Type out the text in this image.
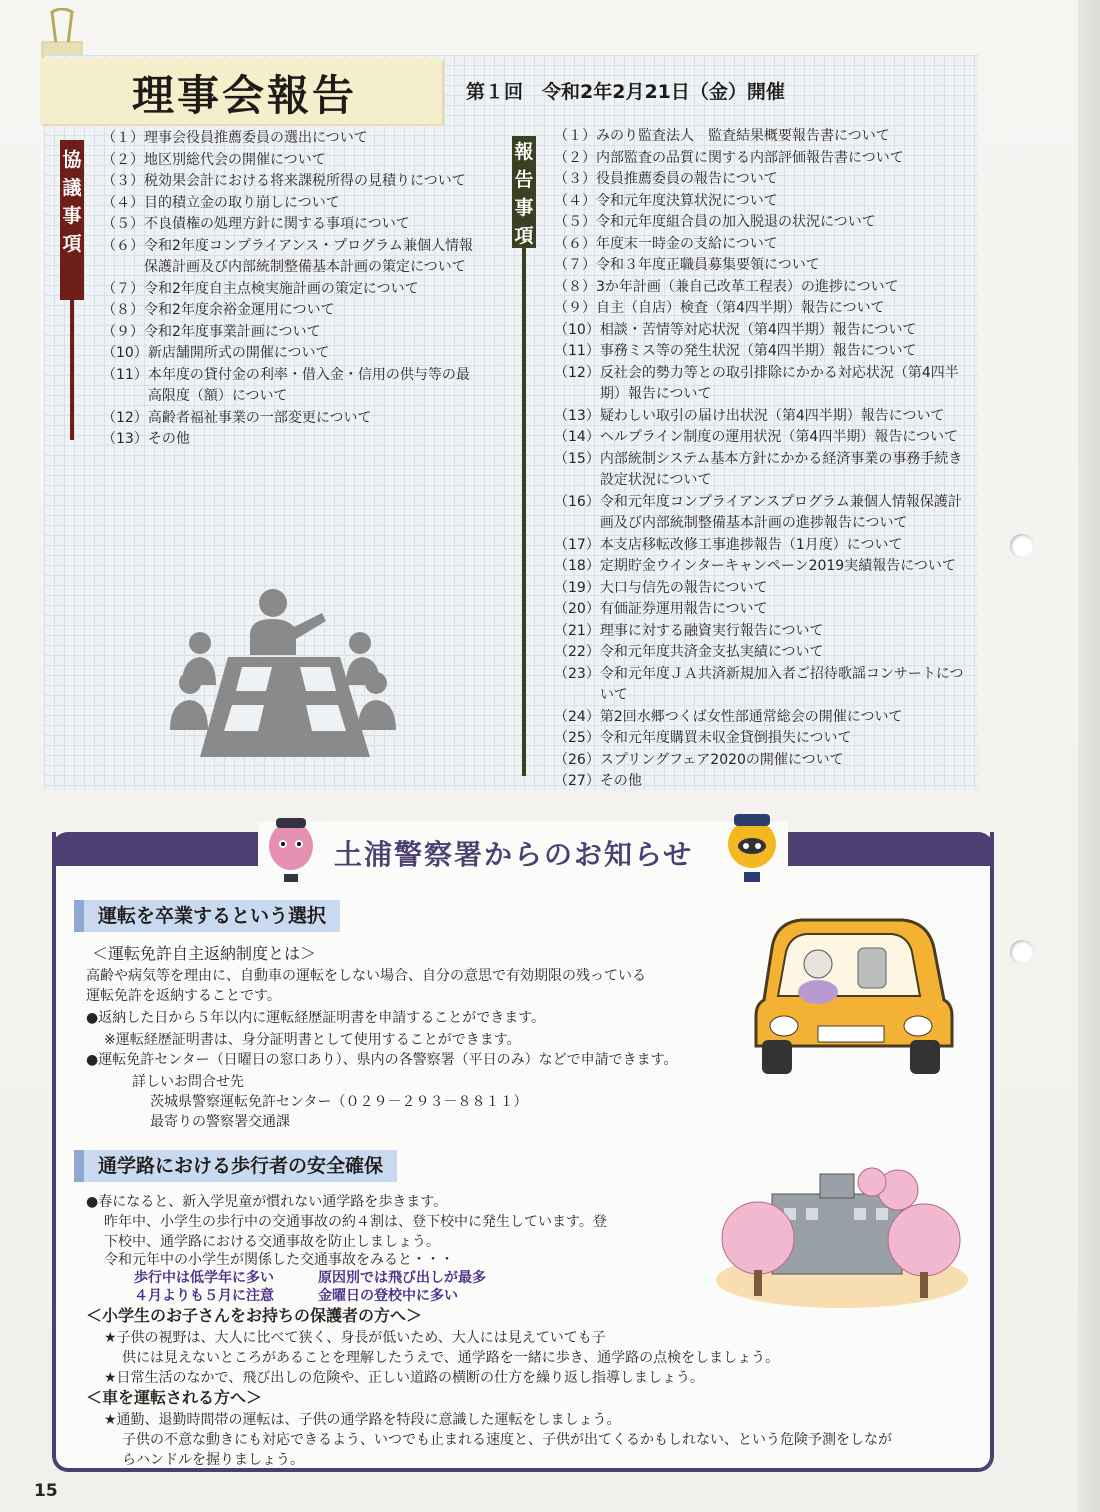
理事会報告	第１回　令和2年2月21日（金）開催
協
議
事
項
（１） 理事会役員推薦委員の選出について
（２） 地区別総代会の開催について
（３） 税効果会計における将来課税所得の見積りについて
（４） 目的積立金の取り崩しについて
（５） 不良債権の処理方針に関する事項について
（６） 令和2年度コンプライアンス・プログラム兼個人情報保護計画及び内部統制整備基本計画の策定について
（７） 令和2年度自主点検実施計画の策定について
（８） 令和2年度余裕金運用について
（９） 令和2年度事業計画について
（10） 新店舗開所式の開催について
（11） 本年度の貸付金の利率・借入金・信用の供与等の最高限度（額）について
（12） 高齢者福祉事業の一部変更について
（13） その他
報
告
事
項
（１） みのり監査法人　監査結果概要報告書について
（２） 内部監査の品質に関する内部評価報告書について
（３） 役員推薦委員の報告について
（４） 令和元年度決算状況について
（５） 令和元年度組合員の加入脱退の状況について
（６） 年度末一時金の支給について
（７） 令和３年度正職員募集要領について
（８） 3か年計画（兼自己改革工程表）の進捗について
（９） 自主（自店）検査（第4四半期）報告について
（10） 相談・苦情等対応状況（第4四半期）報告について
（11） 事務ミス等の発生状況（第4四半期）報告について
（12） 反社会的勢力等との取引排除にかかる対応状況（第4四半期）報告について
（13） 疑わしい取引の届け出状況（第4四半期）報告について
（14） ヘルプライン制度の運用状況（第4四半期）報告について
（15） 内部統制システム基本方針にかかる経済事業の事務手続き設定状況について
（16） 令和元年度コンプライアンスプログラム兼個人情報保護計画及び内部統制整備基本計画の進捗報告について
（17） 本支店移転改修工事進捗報告（1月度）について
（18） 定期貯金ウインターキャンペーン2019実績報告について
（19） 大口与信先の報告について
（20） 有価証券運用報告について
（21） 理事に対する融資実行報告について
（22） 令和元年度共済金支払実績について
（23） 令和元年度ＪＡ共済新規加入者ご招待歌謡コンサートについて
（24） 第2回水郷つくば女性部通常総会の開催について
（25） 令和元年度購買未収金貸倒損失について
（26） スプリングフェア2020の開催について
（27） その他
土浦警察署からのお知らせ
運転を卒業するという選択
＜運転免許自主返納制度とは＞
高齢や病気等を理由に、自動車の運転をしない場合、自分の意思で有効期限の残っている
運転免許を返納することです。
●返納した日から５年以内に運転経歴証明書を申請することができます。
※運転経歴証明書は、身分証明書として使用することができます。
●運転免許センター（日曜日の窓口あり）、県内の各警察署（平日のみ）などで申請できます。
詳しいお問合せ先
茨城県警察運転免許センター（０２９－２９３－８８１１）
最寄りの警察署交通課
通学路における歩行者の安全確保
●春になると、新入学児童が慣れない通学路を歩きます。
昨年中、小学生の歩行中の交通事故の約４割は、登下校中に発生しています。登
下校中、通学路における交通事故を防止しましょう。
令和元年中の小学生が関係した交通事故をみると・・・
歩行中は低学年に多い	原因別では飛び出しが最多
４月よりも５月に注意	金曜日の登校中に多い
＜小学生のお子さんをお持ちの保護者の方へ＞
★子供の視野は、大人に比べて狭く、身長が低いため、大人には見えていても子
供には見えないところがあることを理解したうえで、通学路を一緒に歩き、通学路の点検をしましょう。
★日常生活のなかで、飛び出しの危険や、正しい道路の横断の仕方を繰り返し指導しましょう。
＜車を運転される方へ＞
★通勤、退勤時間帯の運転は、子供の通学路を特段に意識した運転をしましょう。
子供の不意な動きにも対応できるよう、いつでも止まれる速度と、子供が出てくるかもしれない、という危険予測をしなが
らハンドルを握りましょう。
15
